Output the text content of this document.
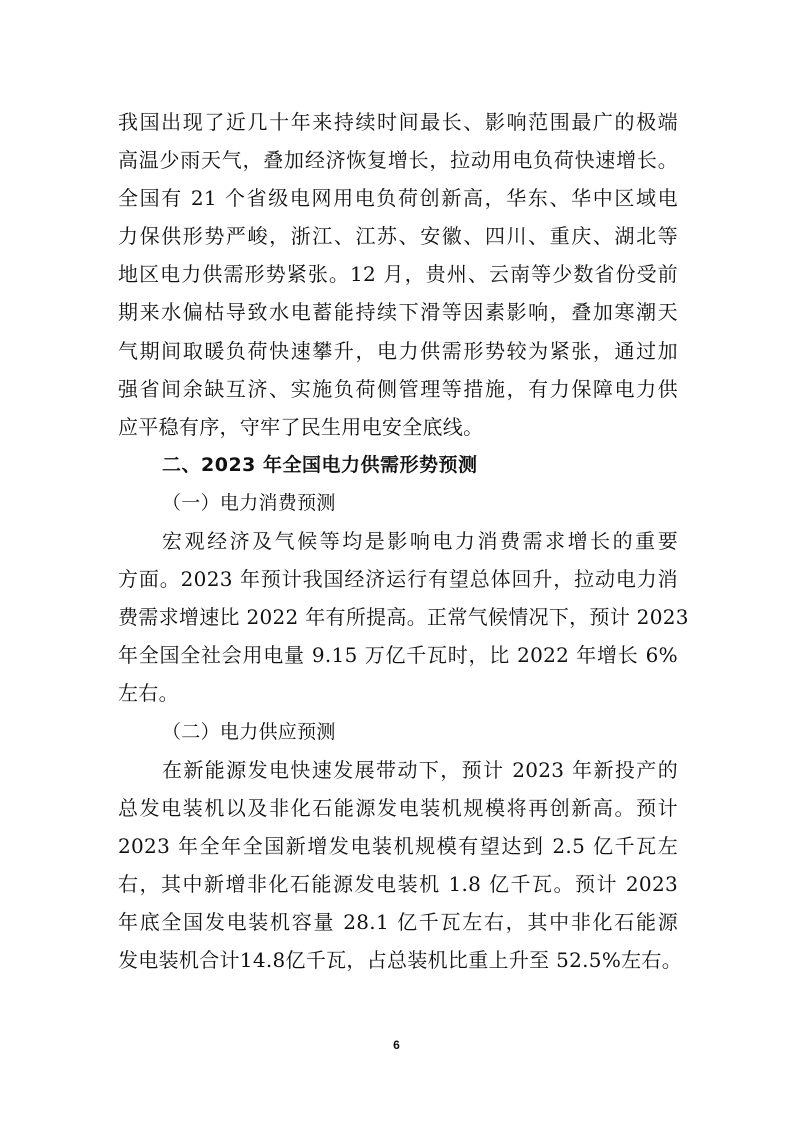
我国出现了近几十年来持续时间最长、影响范围最广的极端
高温少雨天气，叠加经济恢复增长，拉动用电负荷快速增长。
全国有 21 个省级电网用电负荷创新高，华东、华中区域电
力保供形势严峻，浙江、江苏、安徽、四川、重庆、湖北等
地区电力供需形势紧张。12 月，贵州、云南等少数省份受前
期来水偏枯导致水电蓄能持续下滑等因素影响，叠加寒潮天
气期间取暖负荷快速攀升，电力供需形势较为紧张，通过加
强省间余缺互济、实施负荷侧管理等措施，有力保障电力供
应平稳有序，守牢了民生用电安全底线。
二、2023 年全国电力供需形势预测
（一）电力消费预测
宏观经济及气候等均是影响电力消费需求增长的重要
方面。2023 年预计我国经济运行有望总体回升，拉动电力消
费需求增速比 2022 年有所提高。正常气候情况下，预计 2023
年全国全社会用电量 9.15 万亿千瓦时，比 2022 年增长 6%
左右。
（二）电力供应预测
在新能源发电快速发展带动下，预计 2023 年新投产的
总发电装机以及非化石能源发电装机规模将再创新高。预计
2023 年全年全国新增发电装机规模有望达到 2.5 亿千瓦左
右，其中新增非化石能源发电装机 1.8 亿千瓦。预计 2023
年底全国发电装机容量 28.1 亿千瓦左右，其中非化石能源
发电装机合计14.8亿千瓦，占总装机比重上升至 52.5%左右。
6
